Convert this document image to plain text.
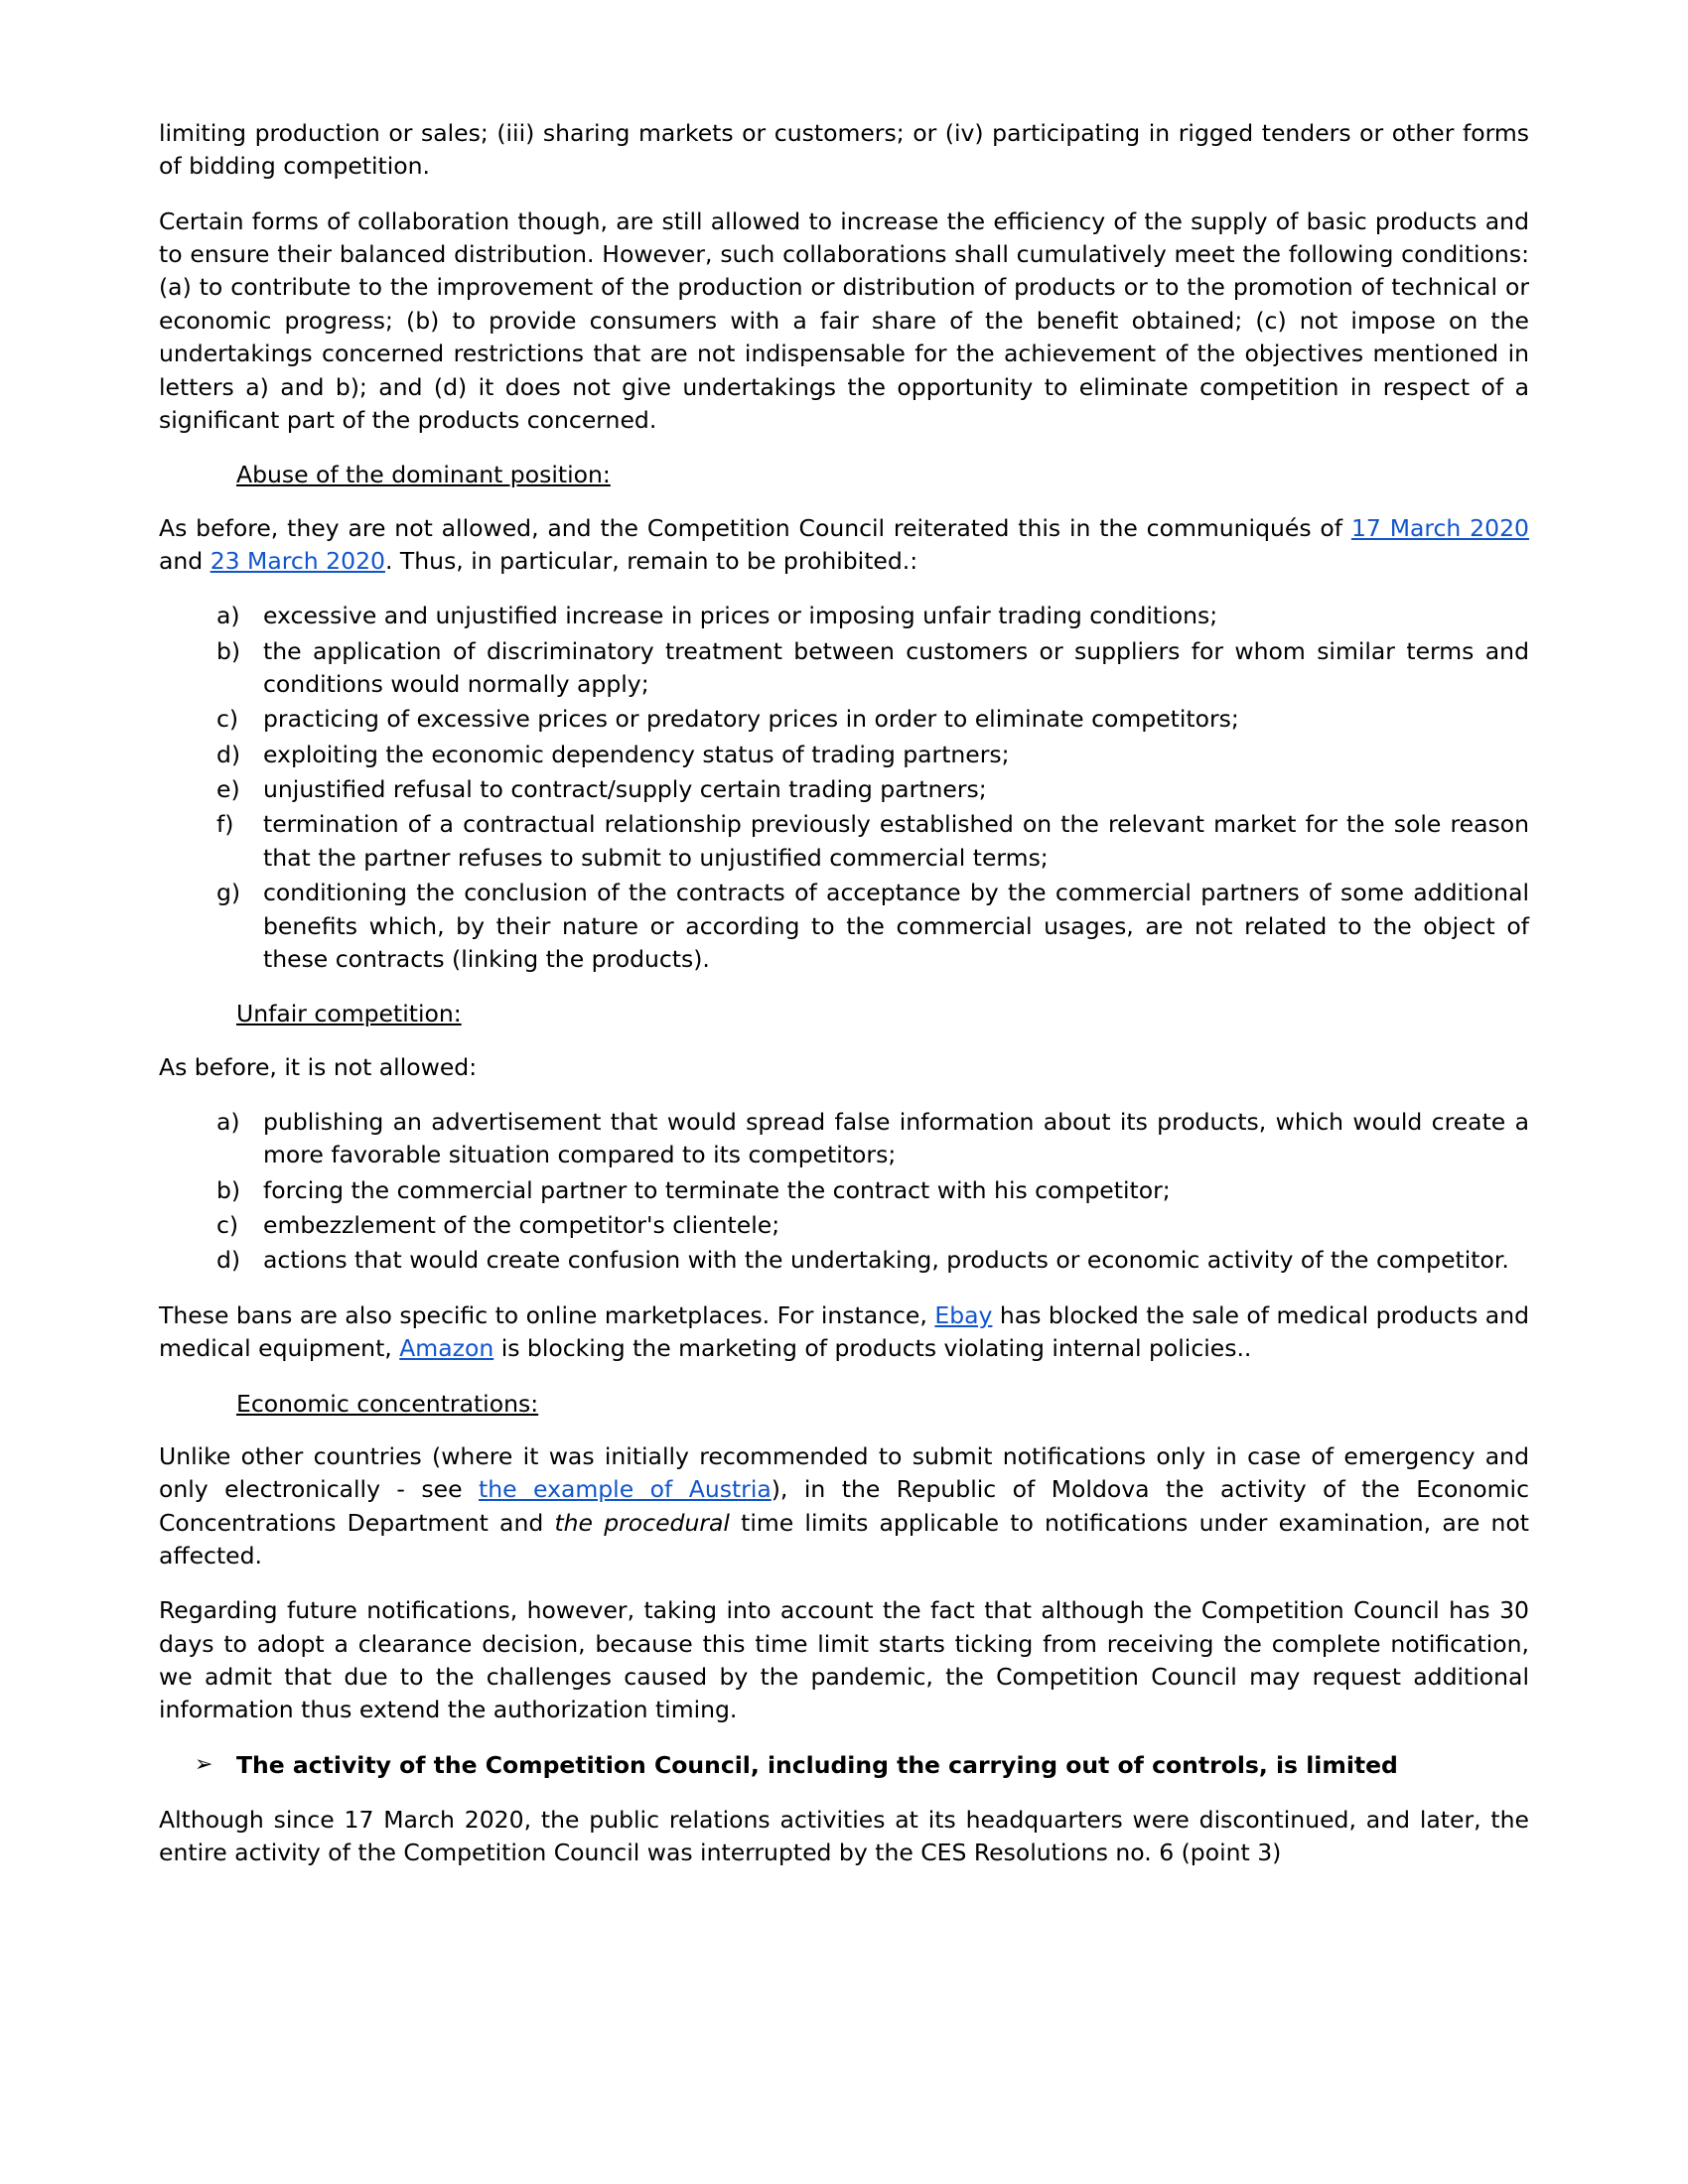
limiting production or sales; (iii) sharing markets or customers; or (iv) participating in rigged tenders or other forms of bidding competition.

Certain forms of collaboration though, are still allowed to increase the efficiency of the supply of basic products and to ensure their balanced distribution. However, such collaborations shall cumulatively meet the following conditions: (a) to contribute to the improvement of the production or distribution of products or to the promotion of technical or economic progress; (b) to provide consumers with a fair share of the benefit obtained; (c) not impose on the undertakings concerned restrictions that are not indispensable for the achievement of the objectives mentioned in letters a) and b); and (d) it does not give undertakings the opportunity to eliminate competition in respect of a significant part of the products concerned.

Abuse of the dominant position:

As before, they are not allowed, and the Competition Council reiterated this in the communiqués of 17 March 2020 and 23 March 2020. Thus, in particular, remain to be prohibited.:

a) excessive and unjustified increase in prices or imposing unfair trading conditions;
b) the application of discriminatory treatment between customers or suppliers for whom similar terms and conditions would normally apply;
c)	practicing of excessive prices or predatory prices in order to eliminate competitors;
d) exploiting the economic dependency status of trading partners;
e) unjustified refusal to contract/supply certain trading partners;
f)	termination of a contractual relationship previously established on the relevant market for the sole reason that the partner refuses to submit to unjustified commercial terms;
g) conditioning the conclusion of the contracts of acceptance by the commercial partners of some additional benefits which, by their nature or according to the commercial usages, are not related to the object of these contracts (linking the products).
Unfair competition:

As before, it is not allowed:

a) publishing an advertisement that would spread false information about its products, which would create a more favorable situation compared to its competitors;
b) forcing the commercial partner to terminate the contract with his competitor;
c)	embezzlement of the competitor's clientele;
d) actions that would create confusion with the undertaking, products or economic activity of the competitor.

These bans are also specific to online marketplaces. For instance, Ebay has blocked the sale of medical products and medical equipment, Amazon is blocking the marketing of products violating internal policies..

Economic concentrations:

Unlike other countries (where it was initially recommended to submit notifications only in case of emergency and only electronically - see the example of Austria), in the Republic of Moldova the activity of the Economic Concentrations Department and the procedural time limits applicable to notifications under examination, are not affected.

Regarding future notifications, however, taking into account the fact that although the Competition Council has 30 days to adopt a clearance decision, because this time limit starts ticking from receiving the complete notification, we admit that due to the challenges caused by the pandemic, the Competition Council may request additional information thus extend the authorization timing.

➢ The activity of the Competition Council, including the carrying out of controls, is limited

Although since 17 March 2020, the public relations activities at its headquarters were discontinued, and later, the entire activity of the Competition Council was interrupted by the CES Resolutions no. 6 (point 3)
